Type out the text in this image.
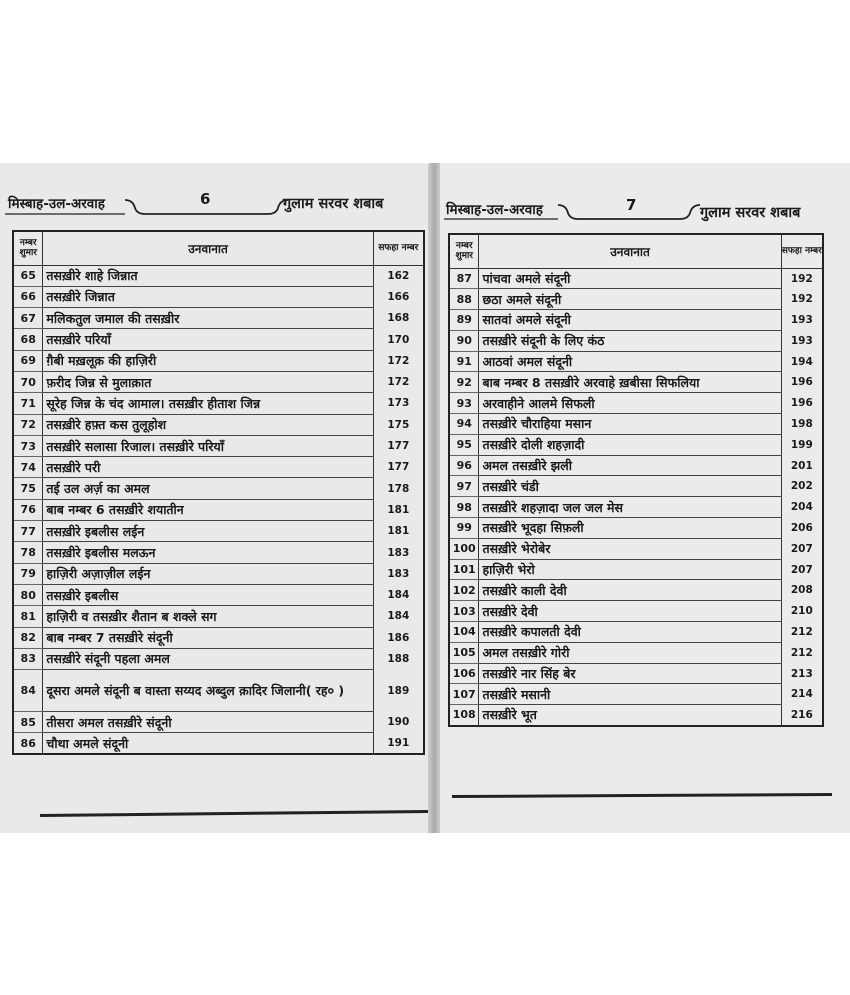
मिस्बाह-उल-अरवाह	6	गुलाम सरवर शबाब	मिस्बाह-उल-अरवाह	7	गुलाम सरवर शबाब
नम्बर शुमार	उनवानात	सफहा नम्बर

65	तसख़ीरे शाहे जिन्नात	162
66	तसख़ीरे जिन्नात	166
67	मलिकतुल जमाल की तसख़ीर	168
68	तसख़ीरे परियाँ	170
69	ग़ैबी मख़लूक़ की हाज़िरी	172
70	फ़रीद जिन्न से मुलाक़ात	172
71	सूरेह जिन्न के चंद आमाल। तसख़ीर हीताश जिन्न	173
72	तसख़ीरे हफ़्त कस तुलूहोश	175
73	तसख़ीरे सलासा रिजाल। तसख़ीरे परियाँ	177
74	तसख़ीरे परी	177
75	तई उल अर्ज़ का अमल	178
76	बाब नम्बर 6 तसख़ीरे शयातीन	181
77	तसख़ीरे इबलीस लईन	181
78	तसख़ीरे इबलीस मलऊन	183
79	हाज़िरी अज़ाज़ील लईन	183
80	तसख़ीरे इबलीस	184
81	हाज़िरी व तसख़ीर शैतान ब शक्ले सग	184
82	बाब नम्बर 7 तसख़ीरे संदूनी	186
83	तसख़ीरे संदूनी पहला अमल	188
84	दूसरा अमले संदूनी ब वास्ता सय्यद अब्दुल क़ादिर जिलानी( रह० )	189
85	तीसरा अमल तसख़ीरे संदूनी	190
86	चौथा अमले संदूनी	191
नम्बर शुमार	उनवानात	सफहा नम्बर

87	पांचवा अमले संदूनी	192
88	छठा अमले संदूनी	192
89	सातवां अमले संदूनी	193
90	तसख़ीरे संदूनी के लिए कंठ	193
91	आठवां अमल संदूनी	194
92	बाब नम्बर 8 तसख़ीरे अरवाहे ख़बीसा सिफलिया	196
93	अरवाहीने आलमे सिफली	196
94	तसख़ीरे चौराहिया मसान	198
95	तसख़ीरे दोली शहज़ादी	199
96	अमल तसख़ीरे झली	201
97	तसख़ीरे चंडी	202
98	तसख़ीरे शहज़ादा जल जल मेस	204
99	तसख़ीरे भूदहा सिफ़ली	206
100	तसख़ीरे भेरोबेर	207
101	हाज़िरी भेरो	207
102	तसख़ीरे काली देवी	208
103	तसख़ीरे देवी	210
104	तसख़ीरे कपालती देवी	212
105	अमल तसख़ीरे गोरी	212
106	तसख़ीरे नार सिंह बेर	213
107	तसख़ीरे मसानी	214
108	तसख़ीरे भूत	216
